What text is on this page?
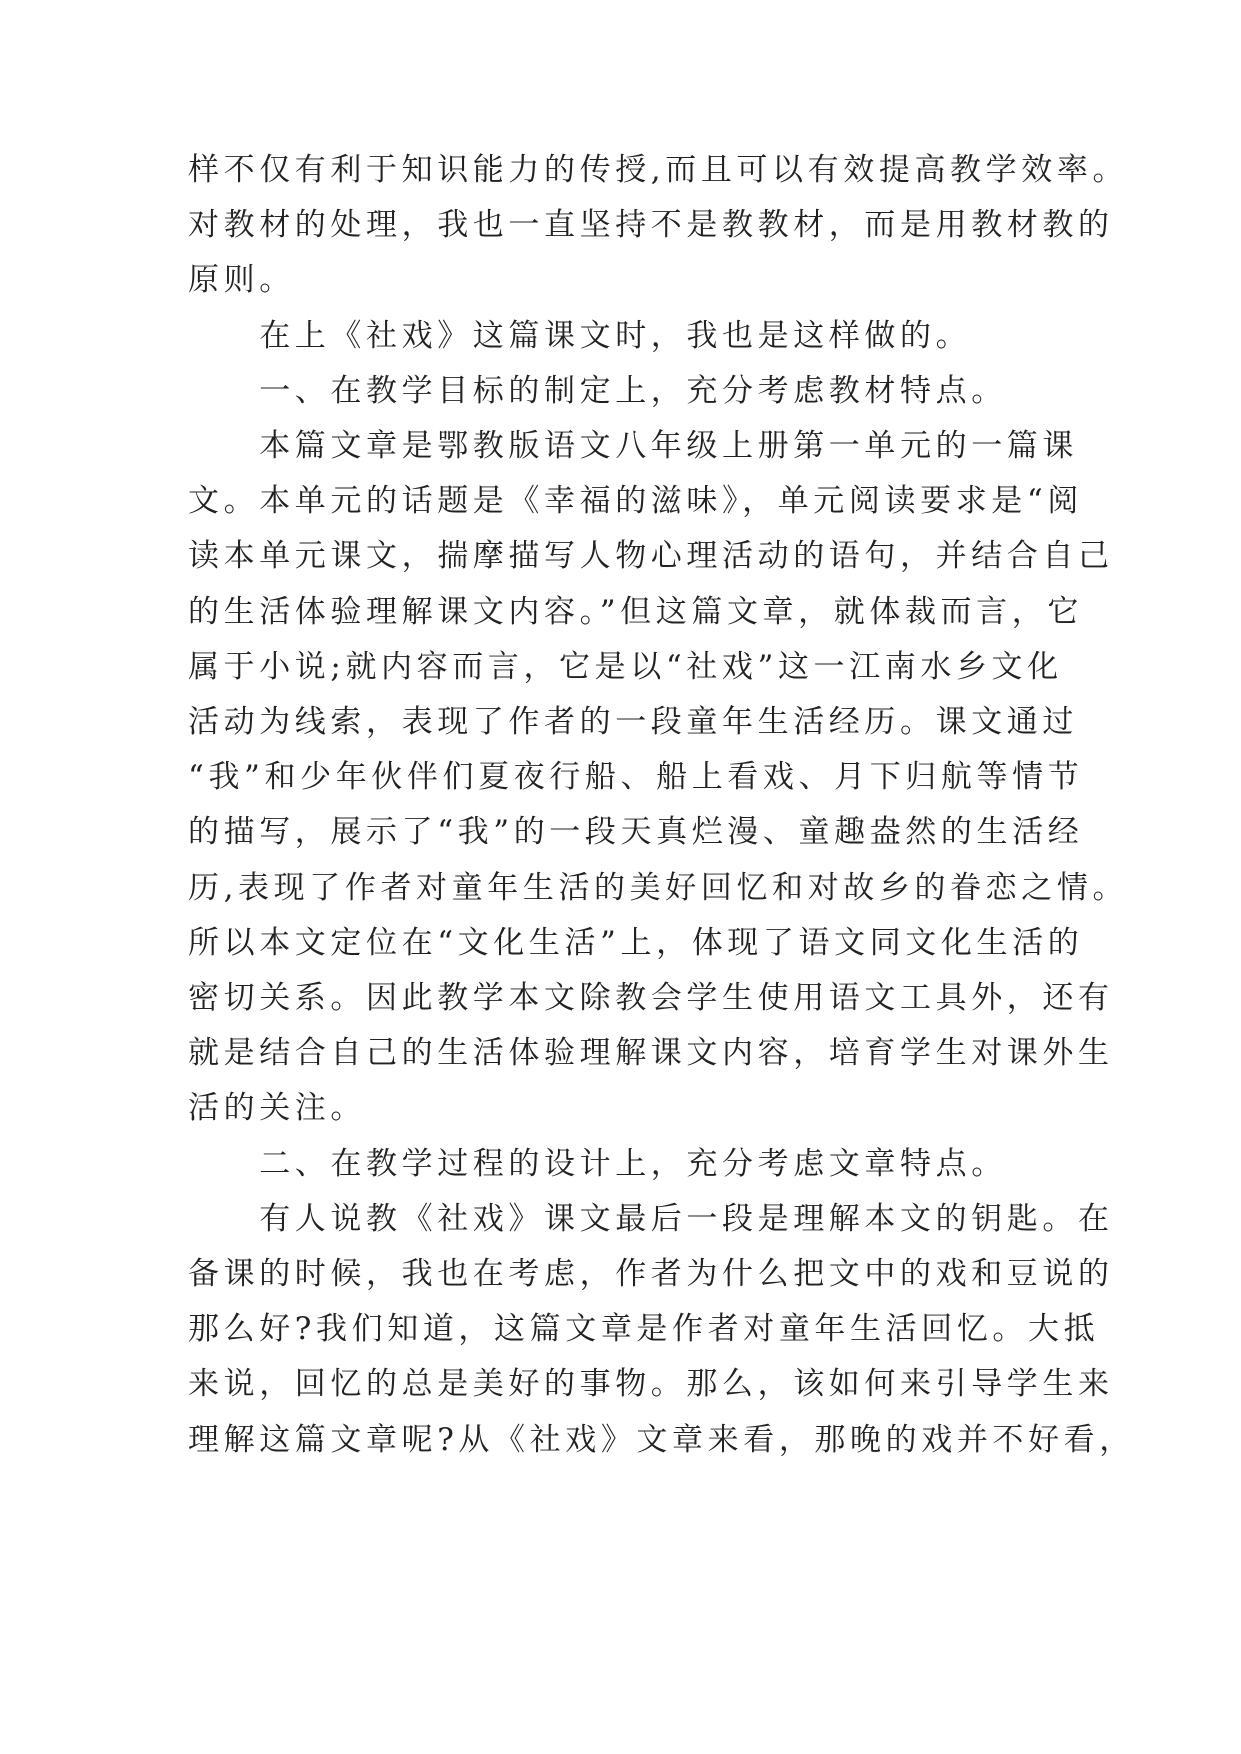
样不仅有利于知识能力的传授,而且可以有效提高教学效率。
对教材的处理，我也一直坚持不是教教材，而是用教材教的
原则。
　　在上《社戏》这篇课文时，我也是这样做的。
　　一、在教学目标的制定上，充分考虑教材特点。
　　本篇文章是鄂教版语文八年级上册第一单元的一篇课
文。本单元的话题是《幸福的滋味》，单元阅读要求是“阅
读本单元课文，揣摩描写人物心理活动的语句，并结合自己
的生活体验理解课文内容。”但这篇文章，就体裁而言，它
属于小说;就内容而言，它是以“社戏”这一江南水乡文化
活动为线索，表现了作者的一段童年生活经历。课文通过
“我”和少年伙伴们夏夜行船、船上看戏、月下归航等情节
的描写，展示了“我”的一段天真烂漫、童趣盎然的生活经
历,表现了作者对童年生活的美好回忆和对故乡的眷恋之情。
所以本文定位在“文化生活”上，体现了语文同文化生活的
密切关系。因此教学本文除教会学生使用语文工具外，还有
就是结合自己的生活体验理解课文内容，培育学生对课外生
活的关注。
　　二、在教学过程的设计上，充分考虑文章特点。
　　有人说教《社戏》课文最后一段是理解本文的钥匙。在
备课的时候，我也在考虑，作者为什么把文中的戏和豆说的
那么好?我们知道，这篇文章是作者对童年生活回忆。大抵
来说，回忆的总是美好的事物。那么，该如何来引导学生来
理解这篇文章呢?从《社戏》文章来看，那晚的戏并不好看，
